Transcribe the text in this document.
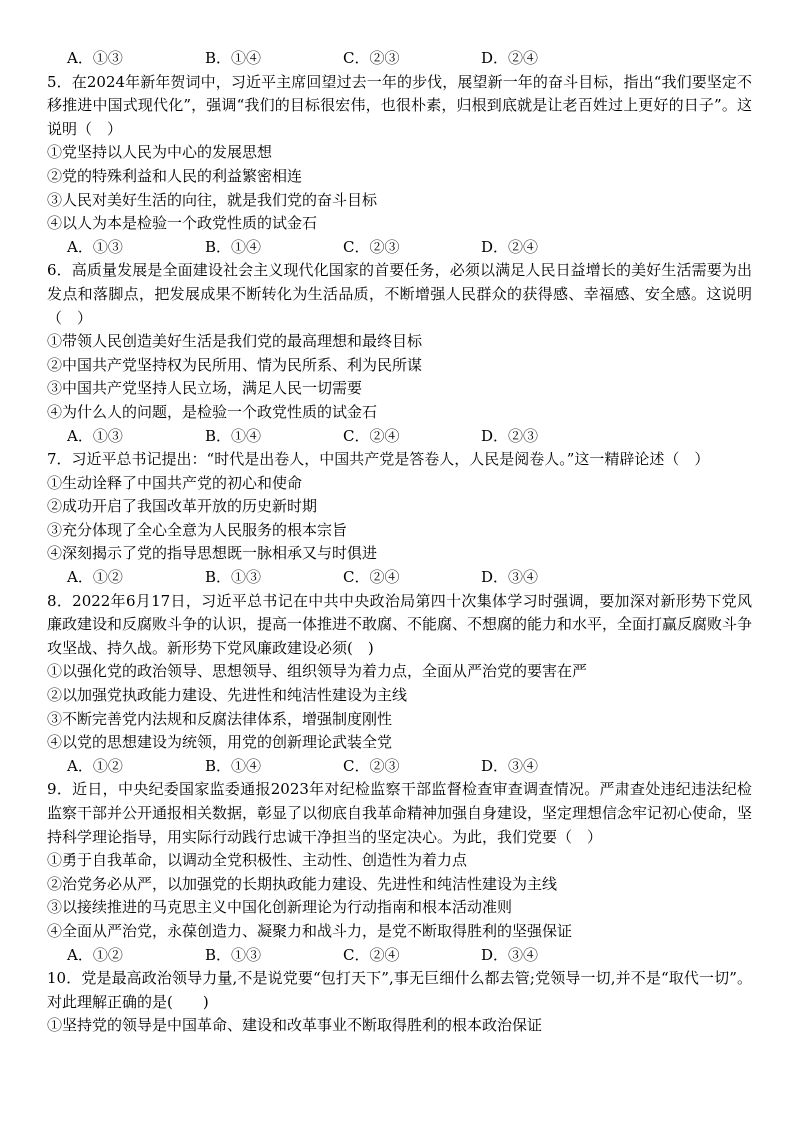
A．①③	B．①④	C．②③	D．②④
5．在2024年新年贺词中，习近平主席回望过去一年的步伐，展望新一年的奋斗目标，指出“我们要坚定不移推进中国式现代化”，强调“我们的目标很宏伟，也很朴素，归根到底就是让老百姓过上更好的日子”。这说明（　）
①党坚持以人民为中心的发展思想
②党的特殊利益和人民的利益繁密相连
③人民对美好生活的向往，就是我们党的奋斗目标
④以人为本是检验一个政党性质的试金石
A．①③	B．①④	C．②③	D．②④
6．高质量发展是全面建设社会主义现代化国家的首要任务，必须以满足人民日益增长的美好生活需要为出发点和落脚点，把发展成果不断转化为生活品质，不断增强人民群众的获得感、幸福感、安全感。这说明（　）
①带领人民创造美好生活是我们党的最高理想和最终目标
②中国共产党坚持权为民所用、情为民所系、利为民所谋
③中国共产党坚持人民立场，满足人民一切需要
④为什么人的问题，是检验一个政党性质的试金石
A．①③	B．①④	C．②④	D．②③
7．习近平总书记提出：“时代是出卷人，中国共产党是答卷人，人民是阅卷人。”这一精辟论述（　）
①生动诠释了中国共产党的初心和使命
②成功开启了我国改革开放的历史新时期
③充分体现了全心全意为人民服务的根本宗旨
④深刻揭示了党的指导思想既一脉相承又与时俱进
A．①②	B．①③	C．②④	D．③④
8．2022年6月17日，习近平总书记在中共中央政治局第四十次集体学习时强调，要加深对新形势下党风廉政建设和反腐败斗争的认识，提高一体推进不敢腐、不能腐、不想腐的能力和水平，全面打赢反腐败斗争攻坚战、持久战。新形势下党风廉政建设必须(　)
①以强化党的政治领导、思想领导、组织领导为着力点，全面从严治党的要害在严
②以加强党执政能力建设、先进性和纯洁性建设为主线
③不断完善党内法规和反腐法律体系，增强制度刚性
④以党的思想建设为统领，用党的创新理论武装全党
A．①②	B．①④	C．②③	D．③④
9．近日，中央纪委国家监委通报2023年对纪检监察干部监督检查审查调查情况。严肃查处违纪违法纪检监察干部并公开通报相关数据，彰显了以彻底自我革命精神加强自身建设，坚定理想信念牢记初心使命，坚持科学理论指导，用实际行动践行忠诚干净担当的坚定决心。为此，我们党要（　）
①勇于自我革命，以调动全党积极性、主动性、创造性为着力点
②治党务必从严，以加强党的长期执政能力建设、先进性和纯洁性建设为主线
③以接续推进的马克思主义中国化创新理论为行动指南和根本活动准则
④全面从严治党，永葆创造力、凝聚力和战斗力，是党不断取得胜利的坚强保证
A．①②	B．①③	C．②④	D．③④
10．党是最高政治领导力量,不是说党要“包打天下”,事无巨细什么都去管;党领导一切,并不是“取代一切”。对此理解正确的是(　　)
①坚持党的领导是中国革命、建设和改革事业不断取得胜利的根本政治保证
